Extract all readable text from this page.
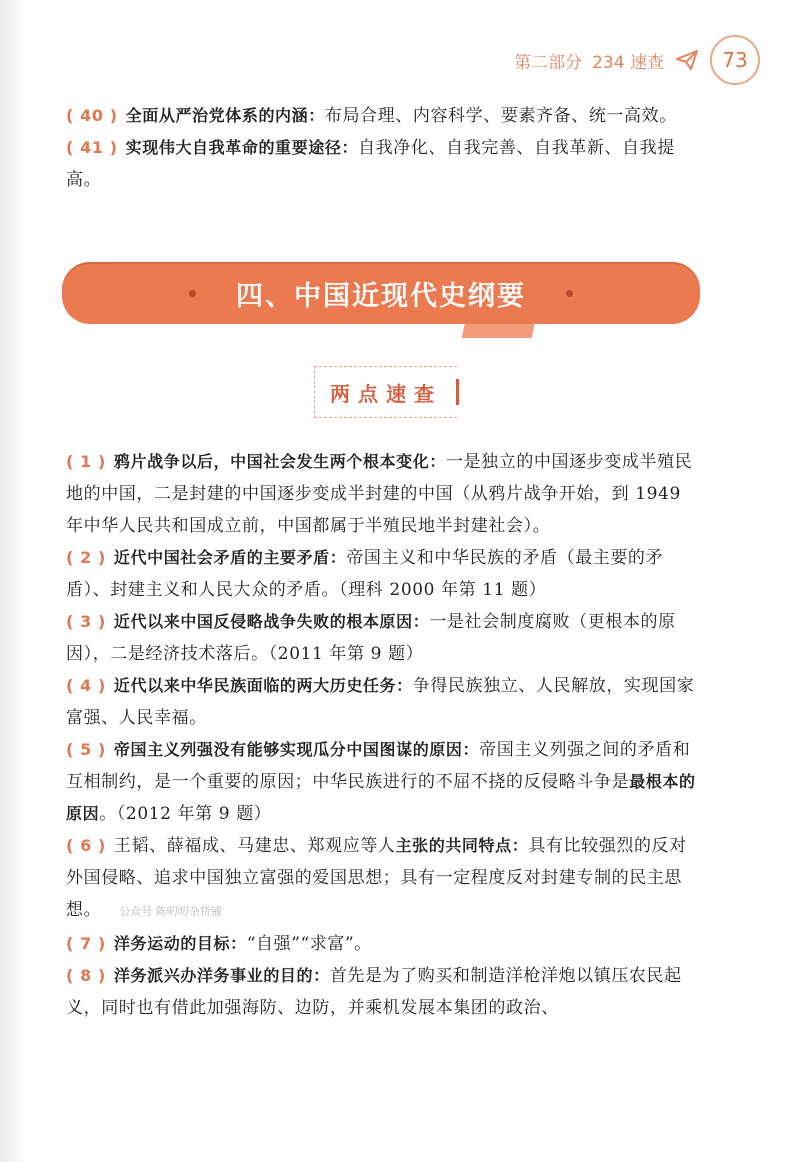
第二部分 234 速查	73

( 40 ) 全面从严治党体系的内涵：布局合理、内容科学、要素齐备、统一高效。

( 41 ) 实现伟大自我革命的重要途径：自我净化、自我完善、自我革新、自我提高。

四、中国近现代史纲要
两点速查

( 1 ) 鸦片战争以后，中国社会发生两个根本变化：一是独立的中国逐步变成半殖民地的中国，二是封建的中国逐步变成半封建的中国（从鸦片战争开始，到 1949 年中华人民共和国成立前，中国都属于半殖民地半封建社会）。

( 2 ) 近代中国社会矛盾的主要矛盾：帝国主义和中华民族的矛盾（最主要的矛盾）、封建主义和人民大众的矛盾。（理科 2000 年第 11 题）

( 3 ) 近代以来中国反侵略战争失败的根本原因：一是社会制度腐败（更根本的原因），二是经济技术落后。（2011 年第 9 题）

( 4 ) 近代以来中华民族面临的两大历史任务：争得民族独立、人民解放，实现国家富强、人民幸福。

( 5 ) 帝国主义列强没有能够实现瓜分中国图谋的原因：帝国主义列强之间的矛盾和互相制约，是一个重要的原因；中华民族进行的不屈不挠的反侵略斗争是最根本的原因。（2012 年第 9 题）

( 6 ) 王韬、薛福成、马建忠、郑观应等人主张的共同特点：具有比较强烈的反对外国侵略、追求中国独立富强的爱国思想；具有一定程度反对封建专制的民主思想。 公众号 陈叨叨杂货铺

( 7 ) 洋务运动的目标：“自强”“求富”。

( 8 ) 洋务派兴办洋务事业的目的：首先是为了购买和制造洋枪洋炮以镇压农民起义，同时也有借此加强海防、边防，并乘机发展本集团的政治、
